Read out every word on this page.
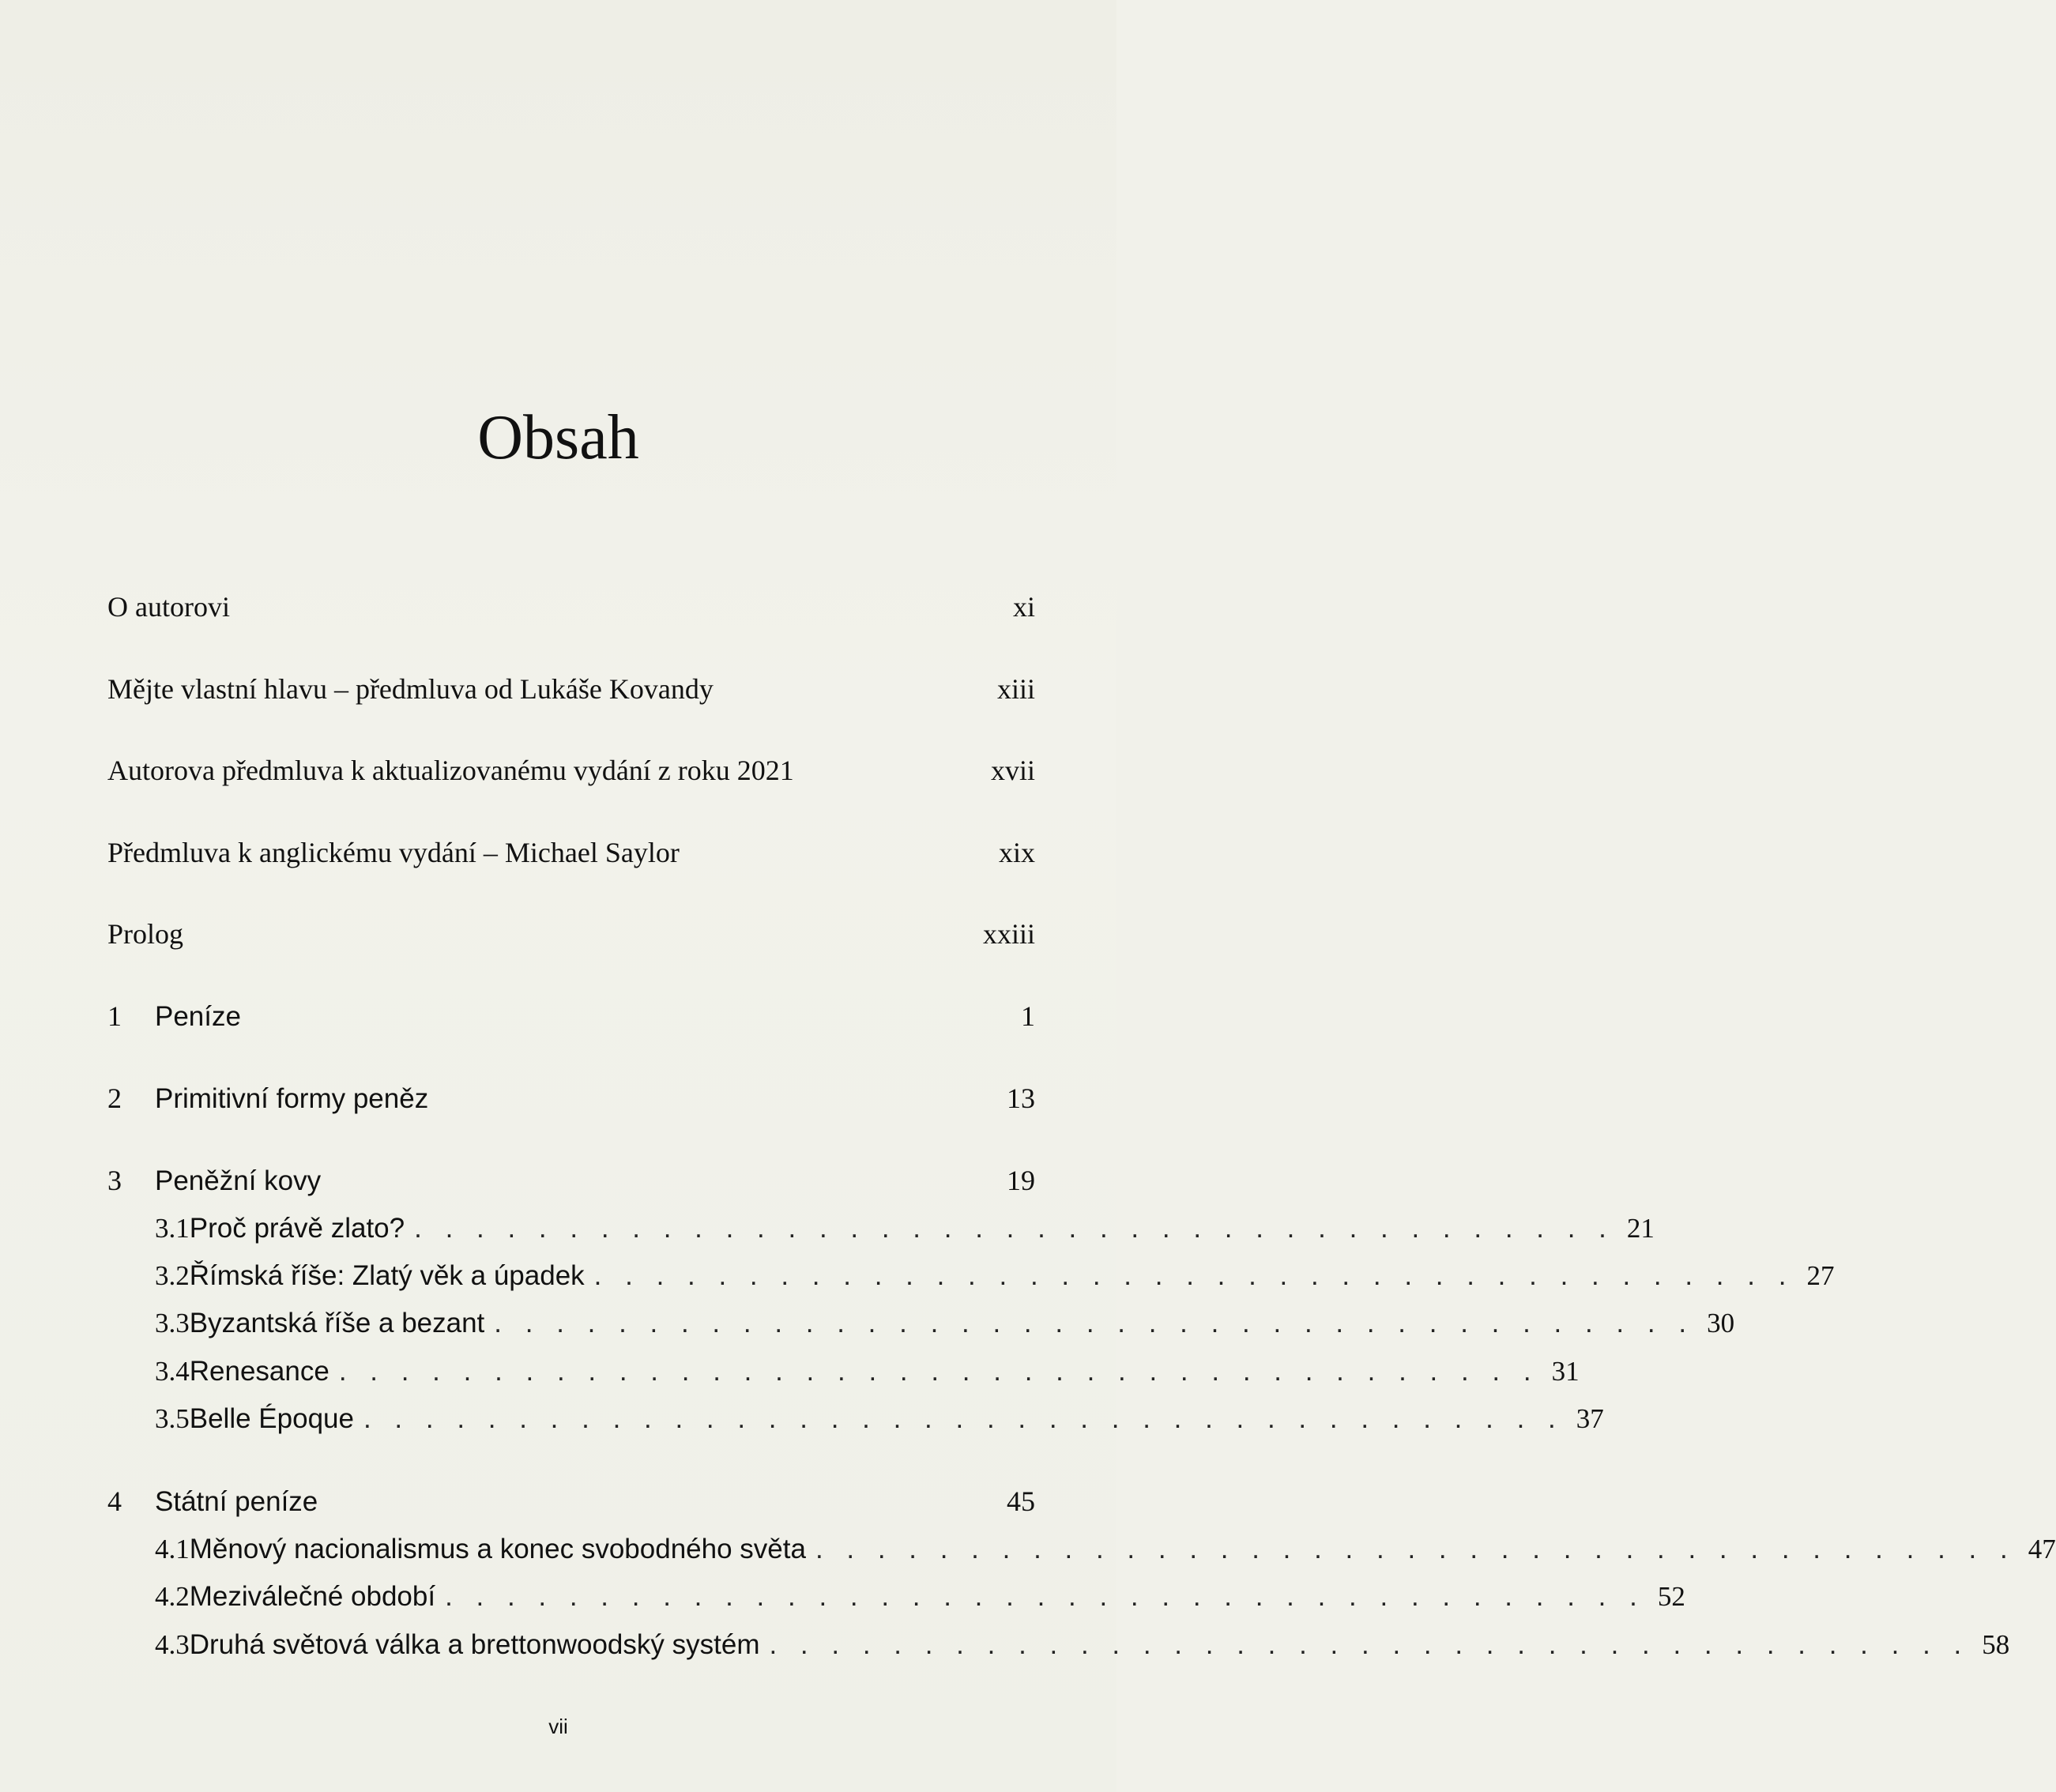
Obsah
O autorovi	xi
Mějte vlastní hlavu – předmluva od Lukáše Kovandy	xiii
Autorova předmluva k aktualizovanému vydání z roku 2021	xvii
Předmluva k anglickému vydání – Michael Saylor	xix
Prolog	xxiii
1	Peníze	1
2	Primitivní formy peněz	13
3	Peněžní kovy	19
3.1 Proč právě zlato? . . . . . . . . . . . . . . . . . . . . . . . . . . . . . . . . . . . . . . . 21
3.2 Římská říše: Zlatý věk a úpadek . . . . . . . . . . . . . . . . . . . . . . . . . . . . . . . . . . . . . . . 27
3.3 Byzantská říše a bezant . . . . . . . . . . . . . . . . . . . . . . . . . . . . . . . . . . . . . . . 30
3.4 Renesance . . . . . . . . . . . . . . . . . . . . . . . . . . . . . . . . . . . . . . . 31
3.5 Belle Époque . . . . . . . . . . . . . . . . . . . . . . . . . . . . . . . . . . . . . . . 37
4	Státní peníze	45
4.1 Měnový nacionalismus a konec svobodného světa . . . . . . . . . . . . . . . . . . . . . . . . . . . . . . . . . . . . . . . 47
4.2 Meziválečné období . . . . . . . . . . . . . . . . . . . . . . . . . . . . . . . . . . . . . . . 52
4.3 Druhá světová válka a brettonwoodský systém . . . . . . . . . . . . . . . . . . . . . . . . . . . . . . . . . . . . . . . 58
vii
